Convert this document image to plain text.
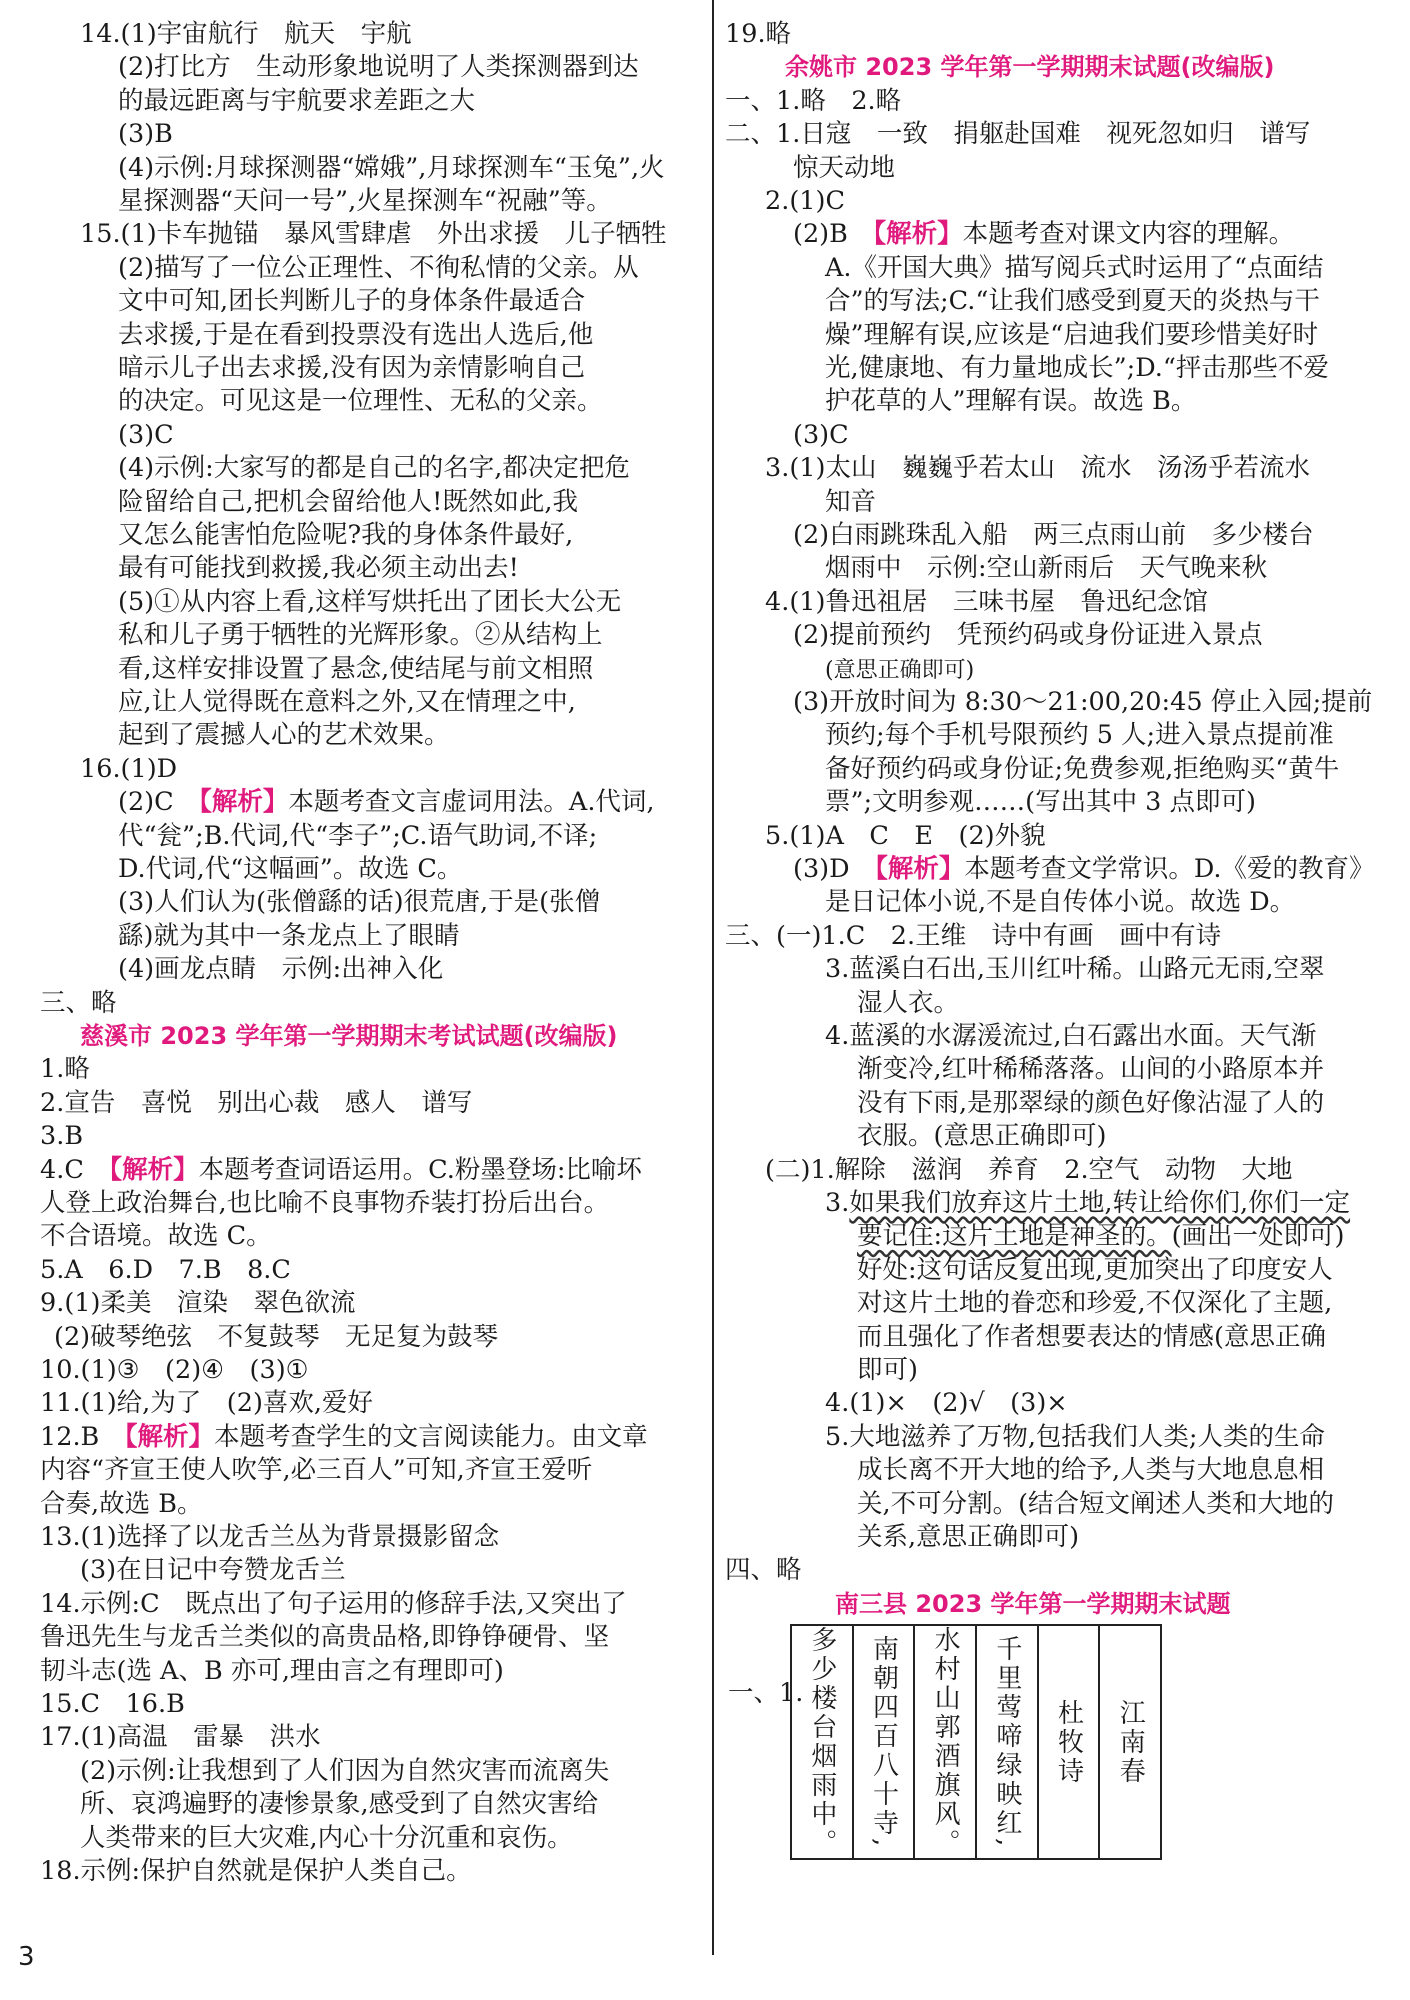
14.(1)宇宙航行　航天　宇航
(2)打比方　生动形象地说明了人类探测器到达
的最远距离与宇航要求差距之大
(3)B
(4)示例:月球探测器“嫦娥”,月球探测车“玉兔”,火
星探测器“天问一号”,火星探测车“祝融”等。
15.(1)卡车抛锚　暴风雪肆虐　外出求援　儿子牺牲
(2)描写了一位公正理性、不徇私情的父亲。从
文中可知,团长判断儿子的身体条件最适合
去求援,于是在看到投票没有选出人选后,他
暗示儿子出去求援,没有因为亲情影响自己
的决定。可见这是一位理性、无私的父亲。
(3)C
(4)示例:大家写的都是自己的名字,都决定把危
险留给自己,把机会留给他人!既然如此,我
又怎么能害怕危险呢?我的身体条件最好,
最有可能找到救援,我必须主动出去!
(5)①从内容上看,这样写烘托出了团长大公无
私和儿子勇于牺牲的光辉形象。②从结构上
看,这样安排设置了悬念,使结尾与前文相照
应,让人觉得既在意料之外,又在情理之中,
起到了震撼人心的艺术效果。
16.(1)D
(2)C　【解析】本题考查文言虚词用法。A.代词,
代“瓮”;B.代词,代“李子”;C.语气助词,不译;
D.代词,代“这幅画”。故选 C。
(3)人们认为(张僧繇的话)很荒唐,于是(张僧
繇)就为其中一条龙点上了眼睛
(4)画龙点睛　示例:出神入化
三、略
慈溪市 2023 学年第一学期期末考试试题(改编版)
1.略
2.宣告　喜悦　别出心裁　感人　谱写
3.B
4.C　【解析】本题考查词语运用。C.粉墨登场:比喻坏
人登上政治舞台,也比喻不良事物乔装打扮后出台。
不合语境。故选 C。
5.A　6.D　7.B　8.C
9.(1)柔美　渲染　翠色欲流
(2)破琴绝弦　不复鼓琴　无足复为鼓琴
10.(1)③　(2)④　(3)①
11.(1)给,为了　(2)喜欢,爱好
12.B　【解析】本题考查学生的文言阅读能力。由文章
内容“齐宣王使人吹竽,必三百人”可知,齐宣王爱听
合奏,故选 B。
13.(1)选择了以龙舌兰丛为背景摄影留念
(3)在日记中夸赞龙舌兰
14.示例:C　既点出了句子运用的修辞手法,又突出了
鲁迅先生与龙舌兰类似的高贵品格,即铮铮硬骨、坚
韧斗志(选 A、B 亦可,理由言之有理即可)
15.C　16.B
17.(1)高温　雷暴　洪水
(2)示例:让我想到了人们因为自然灾害而流离失
所、哀鸿遍野的凄惨景象,感受到了自然灾害给
人类带来的巨大灾难,内心十分沉重和哀伤。
18.示例:保护自然就是保护人类自己。
19.略
余姚市 2023 学年第一学期期末试题(改编版)
一、1.略　2.略
二、1.日寇　一致　捐躯赴国难　视死忽如归　谱写
惊天动地
2.(1)C
(2)B　【解析】本题考查对课文内容的理解。
A.《开国大典》描写阅兵式时运用了“点面结
合”的写法;C.“让我们感受到夏天的炎热与干
燥”理解有误,应该是“启迪我们要珍惜美好时
光,健康地、有力量地成长”;D.“抨击那些不爱
护花草的人”理解有误。故选 B。
(3)C
3.(1)太山　巍巍乎若太山　流水　汤汤乎若流水
知音
(2)白雨跳珠乱入船　两三点雨山前　多少楼台
烟雨中　示例:空山新雨后　天气晚来秋
4.(1)鲁迅祖居　三味书屋　鲁迅纪念馆
(2)提前预约　凭预约码或身份证进入景点
(意思正确即可)
(3)开放时间为 8:30～21:00,20:45 停止入园;提前
预约;每个手机号限预约 5 人;进入景点提前准
备好预约码或身份证;免费参观,拒绝购买“黄牛
票”;文明参观……(写出其中 3 点即可)
5.(1)A　C　E　(2)外貌
(3)D　【解析】本题考查文学常识。D.《爱的教育》
是日记体小说,不是自传体小说。故选 D。
三、(一)1.C　2.王维　诗中有画　画中有诗
3.蓝溪白石出,玉川红叶稀。山路元无雨,空翠
湿人衣。
4.蓝溪的水潺湲流过,白石露出水面。天气渐
渐变冷,红叶稀稀落落。山间的小路原本并
没有下雨,是那翠绿的颜色好像沾湿了人的
衣服。(意思正确即可)
(二)1.解除　滋润　养育　2.空气　动物　大地
3.如果我们放弃这片土地,转让给你们,你们一定
要记住:这片土地是神圣的。(画出一处即可)
好处:这句话反复出现,更加突出了印度安人
对这片土地的眷恋和珍爱,不仅深化了主题,
而且强化了作者想要表达的情感(意思正确
即可)
4.(1)×　(2)√　(3)×
5.大地滋养了万物,包括我们人类;人类的生命
成长离不开大地的给予,人类与大地息息相
关,不可分割。(结合短文阐述人类和大地的
关系,意思正确即可)
四、略
南三县 2023 学年第一学期期末试题
一、1. 多少楼台烟雨中。 南朝四百八十寺, 水村山郭酒旗风。 千里莺啼绿映红, 杜牧诗 江南春
3
